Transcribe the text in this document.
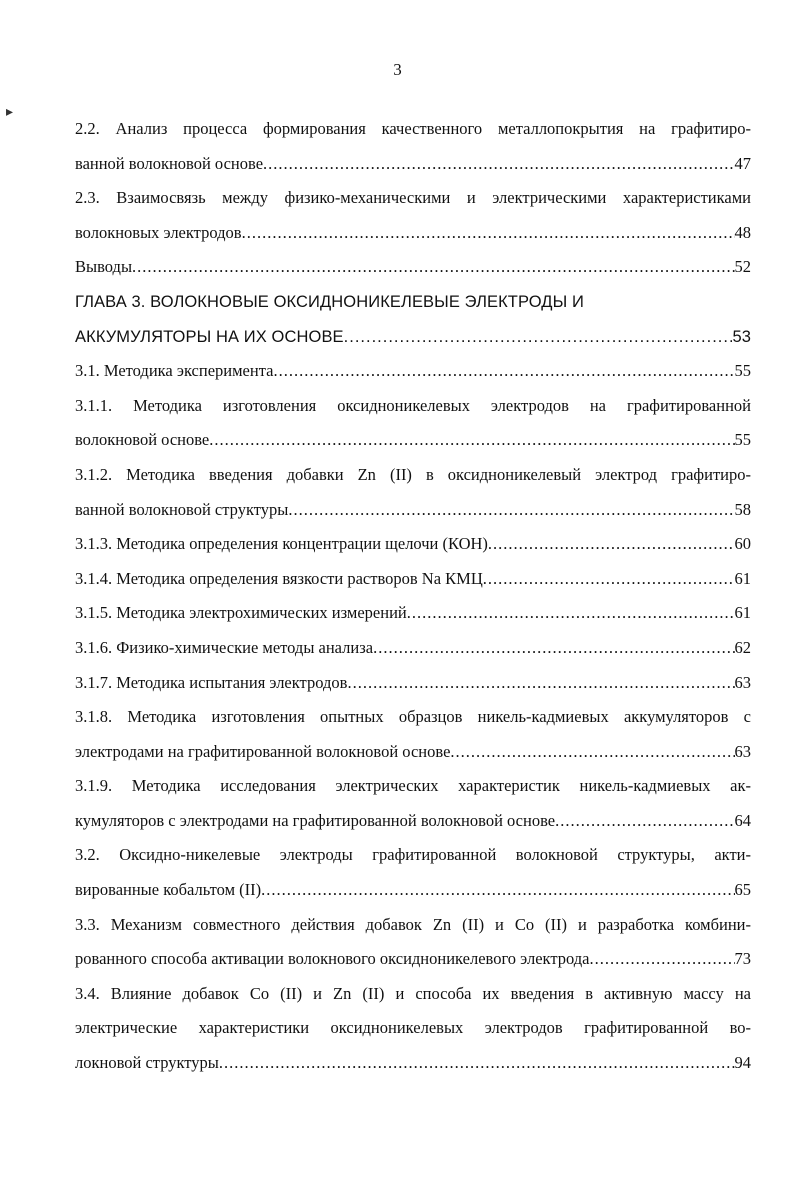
3
▸
2.2. Анализ процесса формирования качественного металлопокрытия на графитиро-
ванной волокновой основе .....	47
2.3. Взаимосвязь между физико-механическими и электрическими характеристиками
волокновых электродов .....	48
Выводы .....	52
ГЛАВА 3. ВОЛОКНОВЫЕ ОКСИДНОНИКЕЛЕВЫЕ ЭЛЕКТРОДЫ И
АККУМУЛЯТОРЫ НА ИХ ОСНОВЕ .....	53
3.1. Методика эксперимента .....	55
3.1.1. Методика изготовления оксидноникелевых электродов на графитированной
волокновой основе .....	55
3.1.2. Методика введения добавки Zn (II) в оксидноникелевый электрод графитиро-
ванной волокновой структуры .....	58
3.1.3. Методика определения концентрации щелочи (КОН) .....	60
3.1.4. Методика определения вязкости растворов Na КМЦ .....	61
3.1.5. Методика электрохимических измерений .....	61
3.1.6. Физико-химические методы анализа .....	62
3.1.7. Методика испытания электродов .....	63
3.1.8. Методика изготовления опытных образцов никель-кадмиевых аккумуляторов с
электродами на графитированной волокновой основе .....	63
3.1.9. Методика исследования электрических характеристик никель-кадмиевых ак-
кумуляторов с электродами на графитированной волокновой основе .....	64
3.2. Оксидно-никелевые электроды графитированной волокновой структуры, акти-
вированные кобальтом (II) .....	65
3.3. Механизм совместного действия добавок Zn (II) и Co (II) и разработка комбини-
рованного способа активации волокнового оксидноникелевого электрода .....	73
3.4. Влияние добавок Co (II) и Zn (II) и способа их введения в активную массу на
электрические характеристики оксидноникелевых электродов графитированной во-
локновой структуры .....	94
